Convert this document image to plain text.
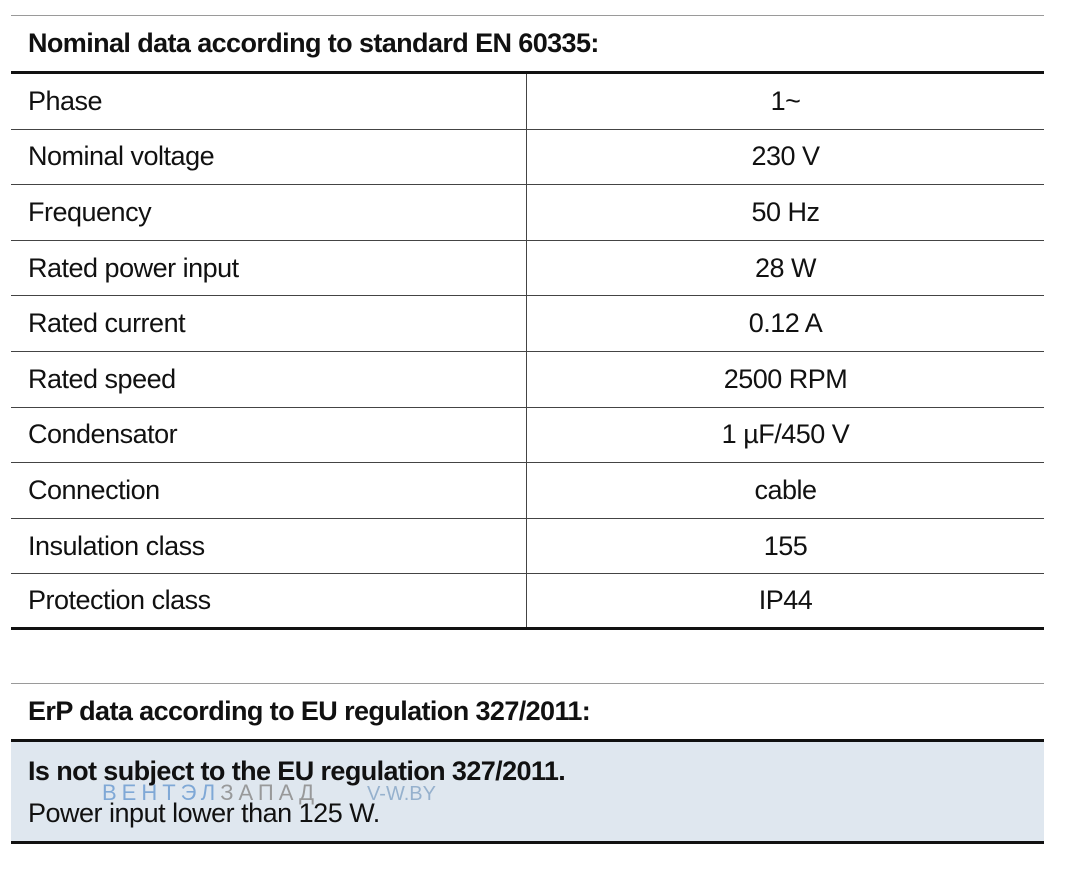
Nominal data according to standard EN 60335:
Phase	1~
Nominal voltage	230 V
Frequency	50 Hz
Rated power input	28 W
Rated current	0.12 A
Rated speed	2500 RPM
Condensator	1 µF/450 V
Connection	cable
Insulation class	155
Protection class	IP44
ErP data according to EU regulation 327/2011:
Is not subject to the EU regulation 327/2011.
Power input lower than 125 W.
ВЕНТЭЛЗАПАД V-W.BY
